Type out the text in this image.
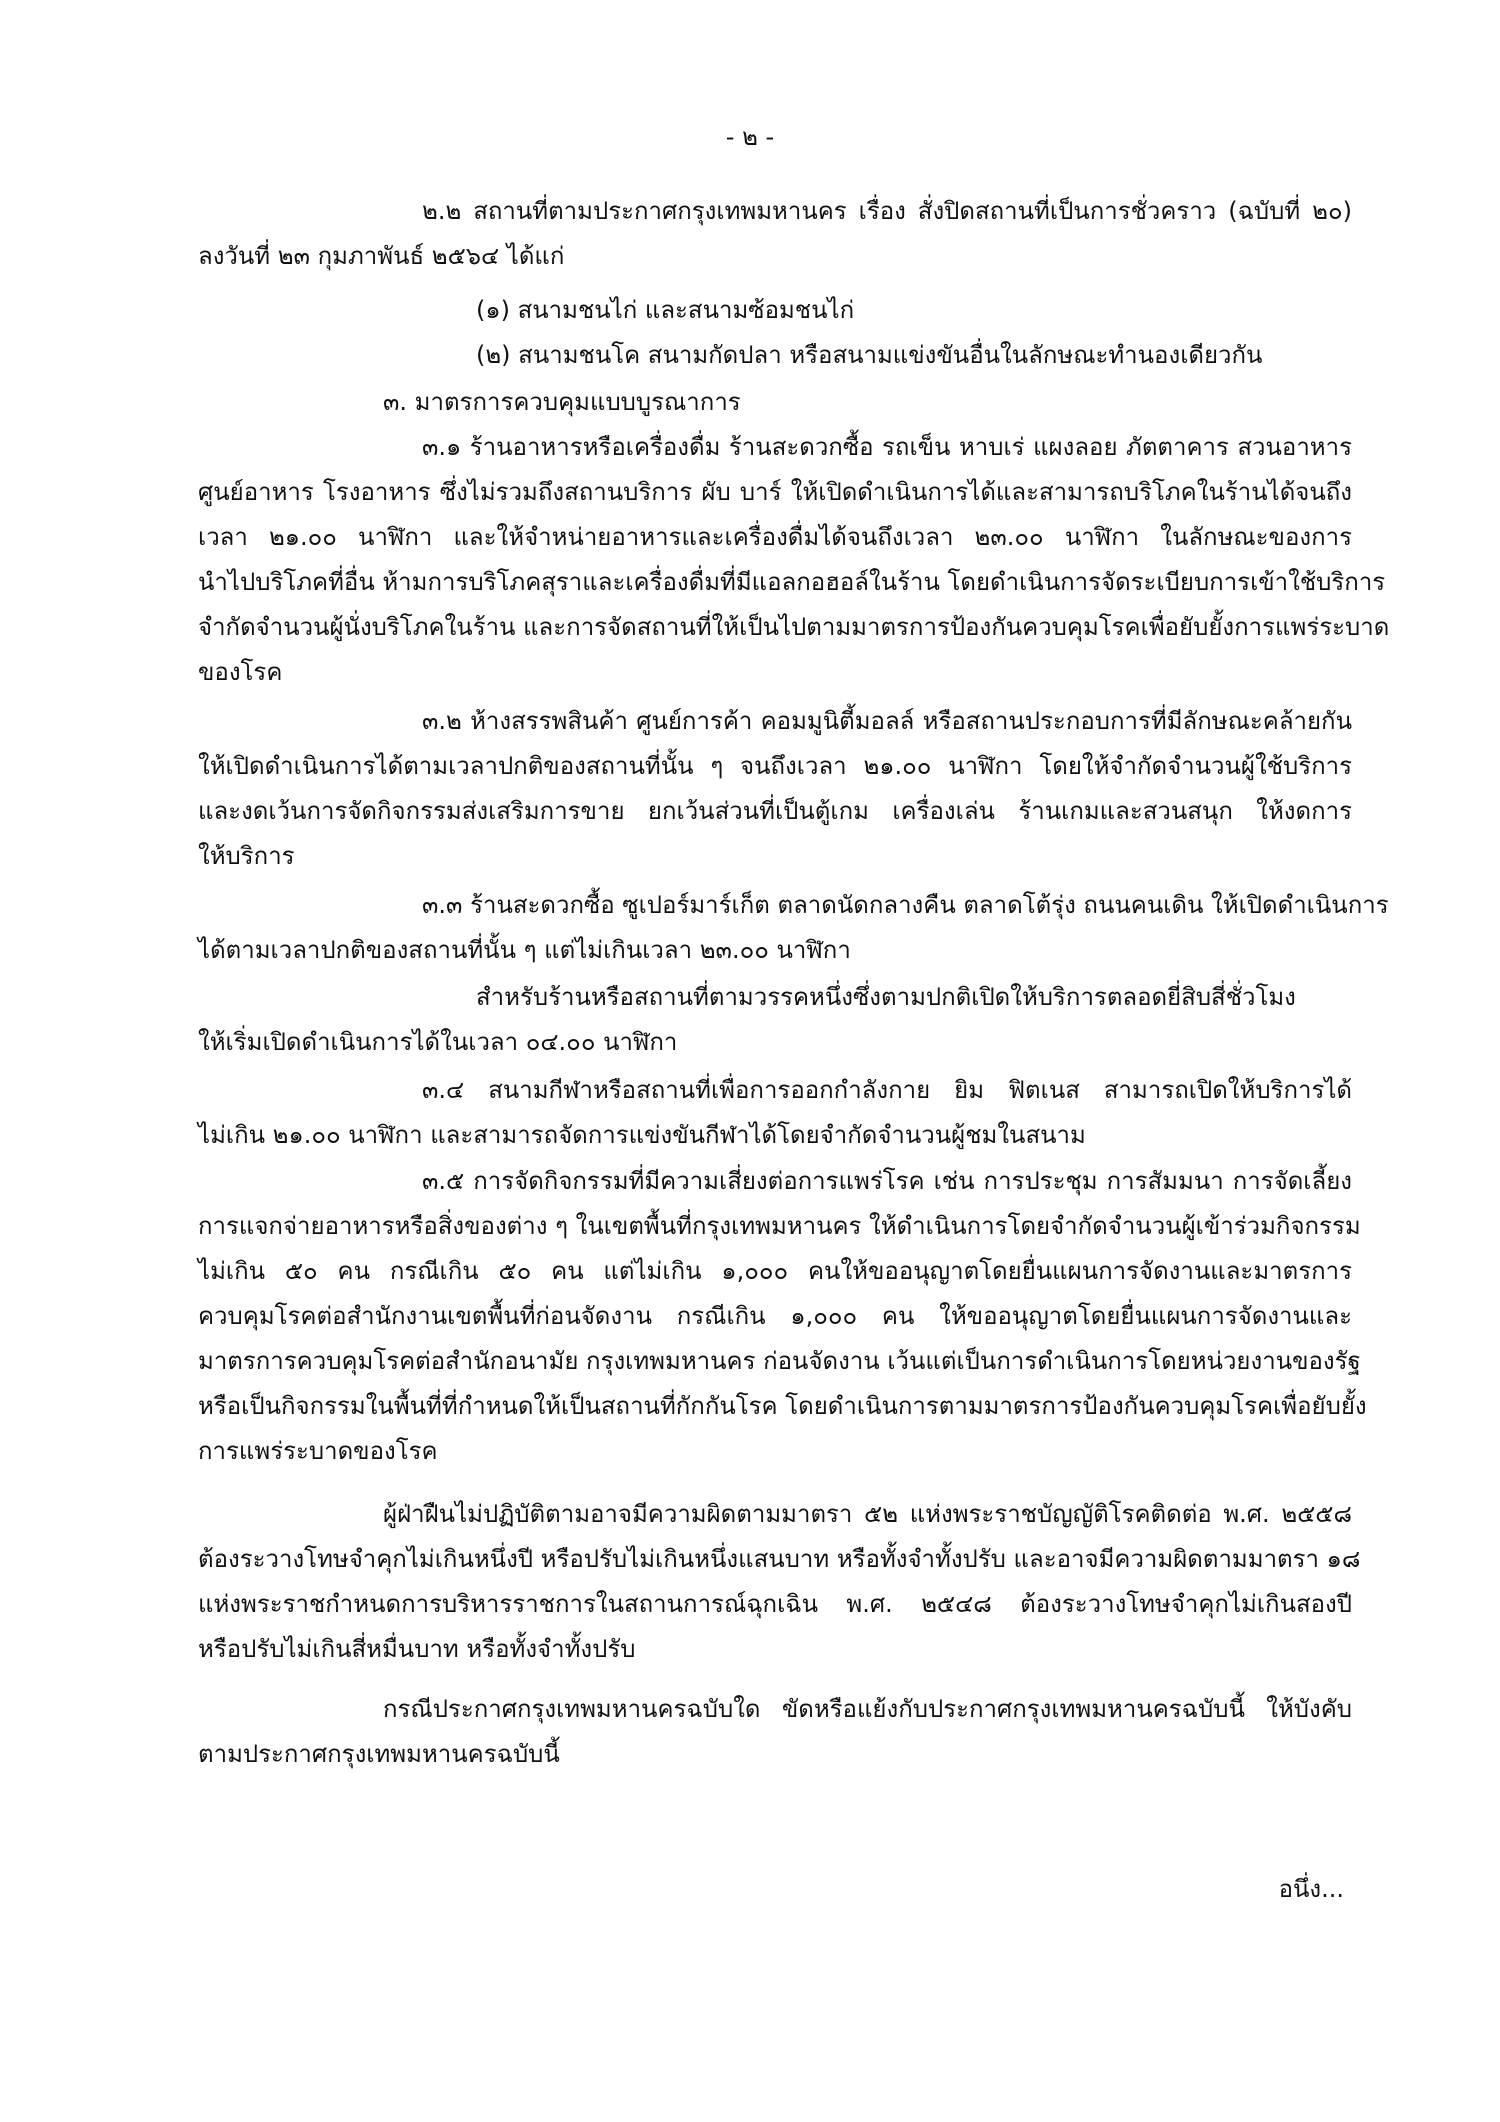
- ๒ -
๒.๒ สถานที่ตามประกาศกรุงเทพมหานคร เรื่อง สั่งปิดสถานที่เป็นการชั่วคราว (ฉบับที่ ๒๐)
ลงวันที่ ๒๓ กุมภาพันธ์ ๒๕๖๔ ได้แก่
(๑) สนามชนไก่ และสนามซ้อมชนไก่
(๒) สนามชนโค สนามกัดปลา หรือสนามแข่งขันอื่นในลักษณะทำนองเดียวกัน
๓. มาตรการควบคุมแบบบูรณาการ
๓.๑ ร้านอาหารหรือเครื่องดื่ม ร้านสะดวกซื้อ รถเข็น หาบเร่ แผงลอย ภัตตาคาร สวนอาหาร
ศูนย์อาหาร โรงอาหาร ซึ่งไม่รวมถึงสถานบริการ ผับ บาร์ ให้เปิดดำเนินการได้และสามารถบริโภคในร้านได้จนถึง
เวลา ๒๑.๐๐ นาฬิกา และให้จำหน่ายอาหารและเครื่องดื่มได้จนถึงเวลา ๒๓.๐๐ นาฬิกา ในลักษณะของการ
นำไปบริโภคที่อื่น ห้ามการบริโภคสุราและเครื่องดื่มที่มีแอลกอฮอล์ในร้าน โดยดำเนินการจัดระเบียบการเข้าใช้บริการ
จำกัดจำนวนผู้นั่งบริโภคในร้าน และการจัดสถานที่ให้เป็นไปตามมาตรการป้องกันควบคุมโรคเพื่อยับยั้งการแพร่ระบาด
ของโรค
๓.๒ ห้างสรรพสินค้า ศูนย์การค้า คอมมูนิตี้มอลล์ หรือสถานประกอบการที่มีลักษณะคล้ายกัน
ให้เปิดดำเนินการได้ตามเวลาปกติของสถานที่นั้น ๆ จนถึงเวลา ๒๑.๐๐ นาฬิกา โดยให้จำกัดจำนวนผู้ใช้บริการ
และงดเว้นการจัดกิจกรรมส่งเสริมการขาย ยกเว้นส่วนที่เป็นตู้เกม เครื่องเล่น ร้านเกมและสวนสนุก ให้งดการ
ให้บริการ
๓.๓ ร้านสะดวกซื้อ ซูเปอร์มาร์เก็ต ตลาดนัดกลางคืน ตลาดโต้รุ่ง ถนนคนเดิน ให้เปิดดำเนินการ
ได้ตามเวลาปกติของสถานที่นั้น ๆ แต่ไม่เกินเวลา ๒๓.๐๐ นาฬิกา
สำหรับร้านหรือสถานที่ตามวรรคหนึ่งซึ่งตามปกติเปิดให้บริการตลอดยี่สิบสี่ชั่วโมง
ให้เริ่มเปิดดำเนินการได้ในเวลา ๐๔.๐๐ นาฬิกา
๓.๔ สนามกีฬาหรือสถานที่เพื่อการออกกำลังกาย ยิม ฟิตเนส สามารถเปิดให้บริการได้
ไม่เกิน ๒๑.๐๐ นาฬิกา และสามารถจัดการแข่งขันกีฬาได้โดยจำกัดจำนวนผู้ชมในสนาม
๓.๕ การจัดกิจกรรมที่มีความเสี่ยงต่อการแพร่โรค เช่น การประชุม การสัมมนา การจัดเลี้ยง
การแจกจ่ายอาหารหรือสิ่งของต่าง ๆ ในเขตพื้นที่กรุงเทพมหานคร ให้ดำเนินการโดยจำกัดจำนวนผู้เข้าร่วมกิจกรรม
ไม่เกิน ๕๐ คน กรณีเกิน ๕๐ คน แต่ไม่เกิน ๑,๐๐๐ คนให้ขออนุญาตโดยยื่นแผนการจัดงานและมาตรการ
ควบคุมโรคต่อสำนักงานเขตพื้นที่ก่อนจัดงาน กรณีเกิน ๑,๐๐๐ คน ให้ขออนุญาตโดยยื่นแผนการจัดงานและ
มาตรการควบคุมโรคต่อสำนักอนามัย กรุงเทพมหานคร ก่อนจัดงาน เว้นแต่เป็นการดำเนินการโดยหน่วยงานของรัฐ
หรือเป็นกิจกรรมในพื้นที่ที่กำหนดให้เป็นสถานที่กักกันโรค โดยดำเนินการตามมาตรการป้องกันควบคุมโรคเพื่อยับยั้ง
การแพร่ระบาดของโรค
ผู้ฝ่าฝืนไม่ปฏิบัติตามอาจมีความผิดตามมาตรา ๕๒ แห่งพระราชบัญญัติโรคติดต่อ พ.ศ. ๒๕๕๘
ต้องระวางโทษจำคุกไม่เกินหนึ่งปี หรือปรับไม่เกินหนึ่งแสนบาท หรือทั้งจำทั้งปรับ และอาจมีความผิดตามมาตรา ๑๘
แห่งพระราชกำหนดการบริหารราชการในสถานการณ์ฉุกเฉิน พ.ศ. ๒๕๔๘ ต้องระวางโทษจำคุกไม่เกินสองปี
หรือปรับไม่เกินสี่หมื่นบาท หรือทั้งจำทั้งปรับ
กรณีประกาศกรุงเทพมหานครฉบับใด ขัดหรือแย้งกับประกาศกรุงเทพมหานครฉบับนี้ ให้บังคับ
ตามประกาศกรุงเทพมหานครฉบับนี้
อนึ่ง...
